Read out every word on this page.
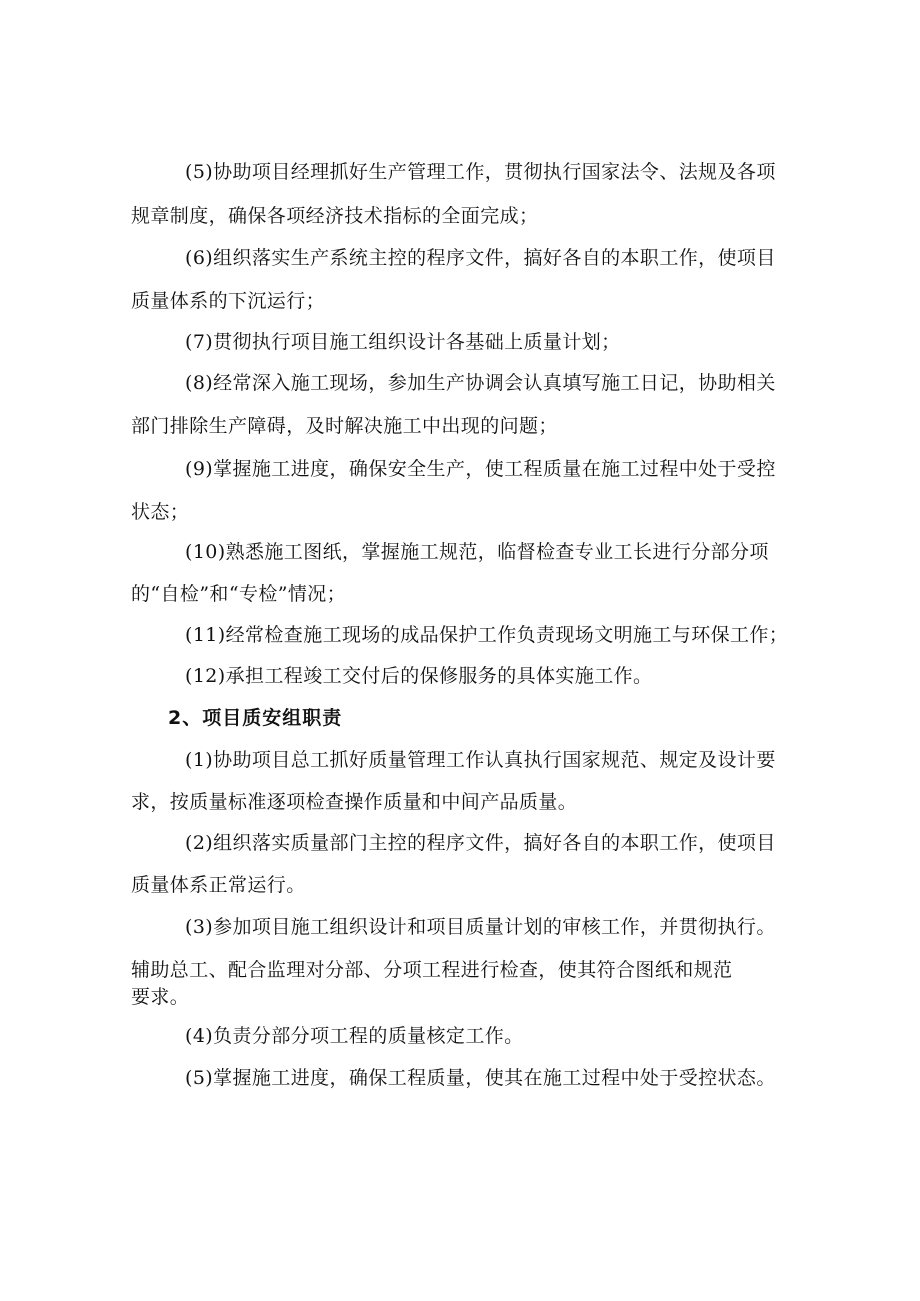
(5)协助项目经理抓好生产管理工作，贯彻执行国家法令、法规及各项
规章制度，确保各项经济技术指标的全面完成；
(6)组织落实生产系统主控的程序文件，搞好各自的本职工作，使项目
质量体系的下沉运行；
(7)贯彻执行项目施工组织设计各基础上质量计划；
(8)经常深入施工现场，参加生产协调会认真填写施工日记，协助相关
部门排除生产障碍，及时解决施工中出现的问题；
(9)掌握施工进度，确保安全生产，使工程质量在施工过程中处于受控
状态；
(10)熟悉施工图纸，掌握施工规范，临督检查专业工长进行分部分项
的“自检”和“专检”情况；
(11)经常检查施工现场的成品保护工作负责现场文明施工与环保工作；
(12)承担工程竣工交付后的保修服务的具体实施工作。
2、项目质安组职责
(1)协助项目总工抓好质量管理工作认真执行国家规范、规定及设计要
求，按质量标准逐项检查操作质量和中间产品质量。
(2)组织落实质量部门主控的程序文件，搞好各自的本职工作，使项目
质量体系正常运行。
(3)参加项目施工组织设计和项目质量计划的审核工作，并贯彻执行。
辅助总工、配合监理对分部、分项工程进行检查，使其符合图纸和规范
要求。
(4)负责分部分项工程的质量核定工作。
(5)掌握施工进度，确保工程质量，使其在施工过程中处于受控状态。
